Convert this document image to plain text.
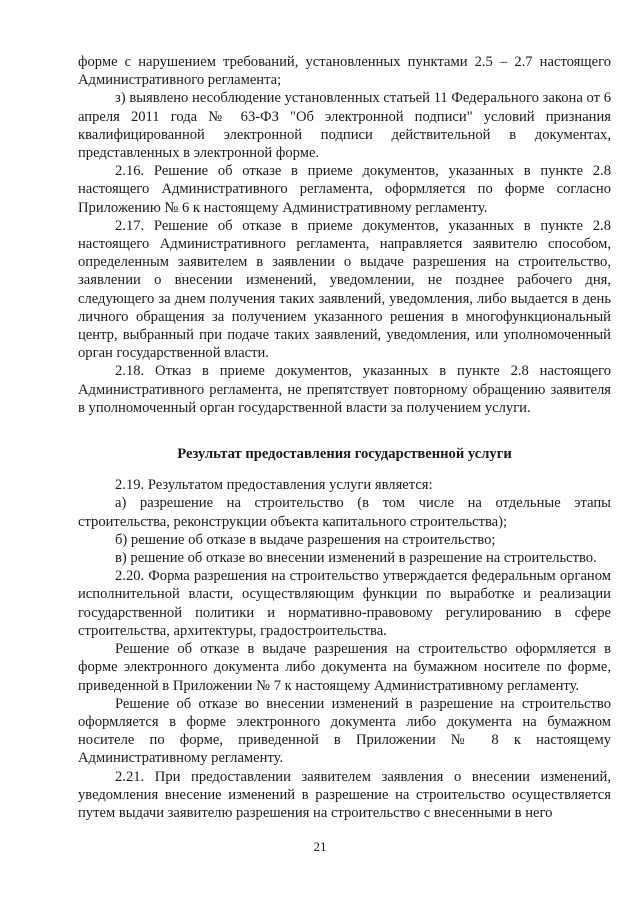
форме с нарушением требований, установленных пунктами 2.5 – 2.7 настоящего Административного регламента;

з) выявлено несоблюдение установленных статьей 11 Федерального закона от 6 апреля 2011 года № 63-ФЗ "Об электронной подписи" условий признания квалифицированной электронной подписи действительной в документах, представленных в электронной форме.

2.16. Решение об отказе в приеме документов, указанных в пункте 2.8 настоящего Административного регламента, оформляется по форме согласно Приложению № 6 к настоящему Административному регламенту.

2.17. Решение об отказе в приеме документов, указанных в пункте 2.8 настоящего Административного регламента, направляется заявителю способом, определенным заявителем в заявлении о выдаче разрешения на строительство, заявлении о внесении изменений, уведомлении, не позднее рабочего дня, следующего за днем получения таких заявлений, уведомления, либо выдается в день личного обращения за получением указанного решения в многофункциональный центр, выбранный при подаче таких заявлений, уведомления, или уполномоченный орган государственной власти.

2.18. Отказ в приеме документов, указанных в пункте 2.8 настоящего Административного регламента, не препятствует повторному обращению заявителя в уполномоченный орган государственной власти за получением услуги.

Результат предоставления государственной услуги

2.19. Результатом предоставления услуги является:

а) разрешение на строительство (в том числе на отдельные этапы строительства, реконструкции объекта капитального строительства);

б) решение об отказе в выдаче разрешения на строительство;

в) решение об отказе во внесении изменений в разрешение на строительство.

2.20. Форма разрешения на строительство утверждается федеральным органом исполнительной власти, осуществляющим функции по выработке и реализации государственной политики и нормативно-правовому регулированию в сфере строительства, архитектуры, градостроительства.

Решение об отказе в выдаче разрешения на строительство оформляется в форме электронного документа либо документа на бумажном носителе по форме, приведенной в Приложении № 7 к настоящему Административному регламенту.

Решение об отказе во внесении изменений в разрешение на строительство оформляется в форме электронного документа либо документа на бумажном носителе по форме, приведенной в Приложении № 8 к настоящему Административному регламенту.

2.21. При предоставлении заявителем заявления о внесении изменений, уведомления внесение изменений в разрешение на строительство осуществляется путем выдачи заявителю разрешения на строительство с внесенными в него

21
